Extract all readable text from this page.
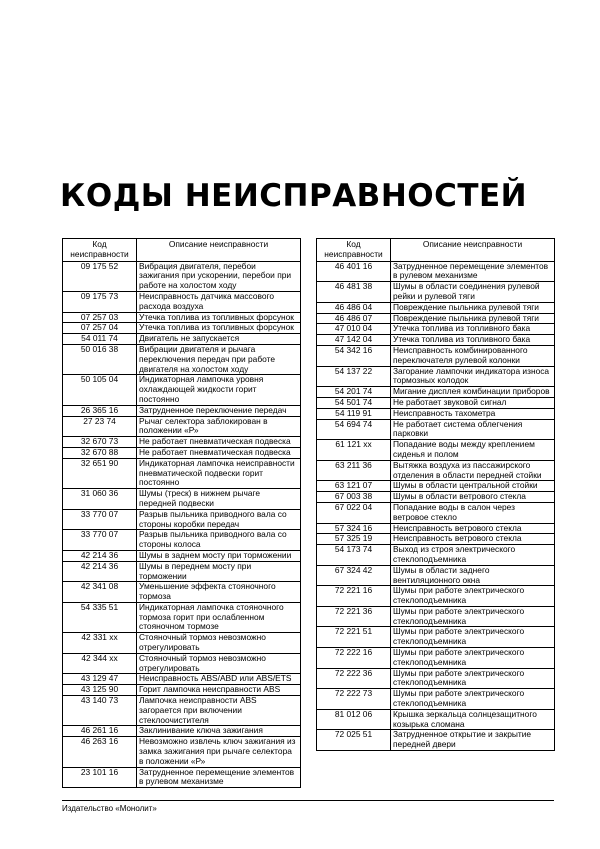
КОДЫ НЕИСПРАВНОСТЕЙ
Код неисправности	Описание неисправности
09 175 52	Вибрация двигателя, перебои зажигания при ускорении, перебои при работе на холостом ходу
09 175 73	Неисправность датчика массового расхода воздуха
07 257 03	Утечка топлива из топливных форсунок
07 257 04	Утечка топлива из топливных форсунок
54 011 74	Двигатель не запускается
50 016 38	Вибрации двигателя и рычага переключения передач при работе двигателя на холостом ходу
50 105 04	Индикаторная лампочка уровня охлаждающей жидкости горит постоянно
26 365 16	Затрудненное переключение передач
27 23 74	Рычаг селектора заблокирован в положении «Р»
32 670 73	Не работает пневматическая подвеска
32 670 88	Не работает пневматическая подвеска
32 651 90	Индикаторная лампочка неисправности пневматической подвески горит постоянно
31 060 36	Шумы (треск) в нижнем рычаге передней подвески
33 770 07	Разрыв пыльника приводного вала со стороны коробки передач
33 770 07	Разрыв пыльника приводного вала со стороны колоса
42 214 36	Шумы в заднем мосту при торможении
42 214 36	Шумы в переднем мосту при торможении
42 341 08	Уменьшение эффекта стояночного тормоза
54 335 51	Индикаторная лампочка стояночного тормоза горит при ослабленном стояночном тормозе
42 331 xx	Стояночный тормоз невозможно отрегулировать
42 344 xx	Стояночный тормоз невозможно отрегулировать
43 129 47	Неисправность ABS/ABD или ABS/ETS
43 125 90	Горит лампочка неисправности ABS
43 140 73	Лампочка неисправности ABS загорается при включении стеклоочистителя
46 261 16	Заклинивание ключа зажигания
46 263 16	Невозможно извлечь ключ зажигания из замка зажигания при рычаге селектора в положении «Р»
23 101 16	Затрудненное перемещение элементов в рулевом механизме
Код неисправности	Описание неисправности
46 401 16	Затрудненное перемещение элементов в рулевом механизме
46 481 38	Шумы в области соединения рулевой рейки и рулевой тяги
46 486 04	Повреждение пыльника рулевой тяги
46 486 07	Повреждение пыльника рулевой тяги
47 010 04	Утечка топлива из топливного бака
47 142 04	Утечка топлива из топливного бака
54 342 16	Неисправность комбинированного переключателя рулевой колонки
54 137 22	Загорание лампочки индикатора износа тормозных колодок
54 201 74	Мигание дисплея комбинации приборов
54 501 74	Не работает звуковой сигнал
54 119 91	Неисправность тахометра
54 694 74	Не работает система облегчения парковки
61 121 xx	Попадание воды между креплением сиденья и полом
63 211 36	Вытяжка воздуха из пассажирского отделения в области передней стойки
63 121 07	Шумы в области центральной стойки
67 003 38	Шумы в области ветрового стекла
67 022 04	Попадание воды в салон через ветровое стекло
57 324 16	Неисправность ветрового стекла
57 325 19	Неисправность ветрового стекла
54 173 74	Выход из строя электрического стеклоподъемника
67 324 42	Шумы в области заднего вентиляционного окна
72 221 16	Шумы при работе электрического стеклоподъемника
72 221 36	Шумы при работе электрического стеклоподъемника
72 221 51	Шумы при работе электрического стеклоподъемника
72 222 16	Шумы при работе электрического стеклоподъемника
72 222 36	Шумы при работе электрического стеклоподъемника
72 222 73	Шумы при работе электрического стеклоподъемника
81 012 06	Крышка зеркальца солнцезащитного козырька сломана
72 025 51	Затрудненное открытие и закрытие передней двери
Издательство «Монолит»
